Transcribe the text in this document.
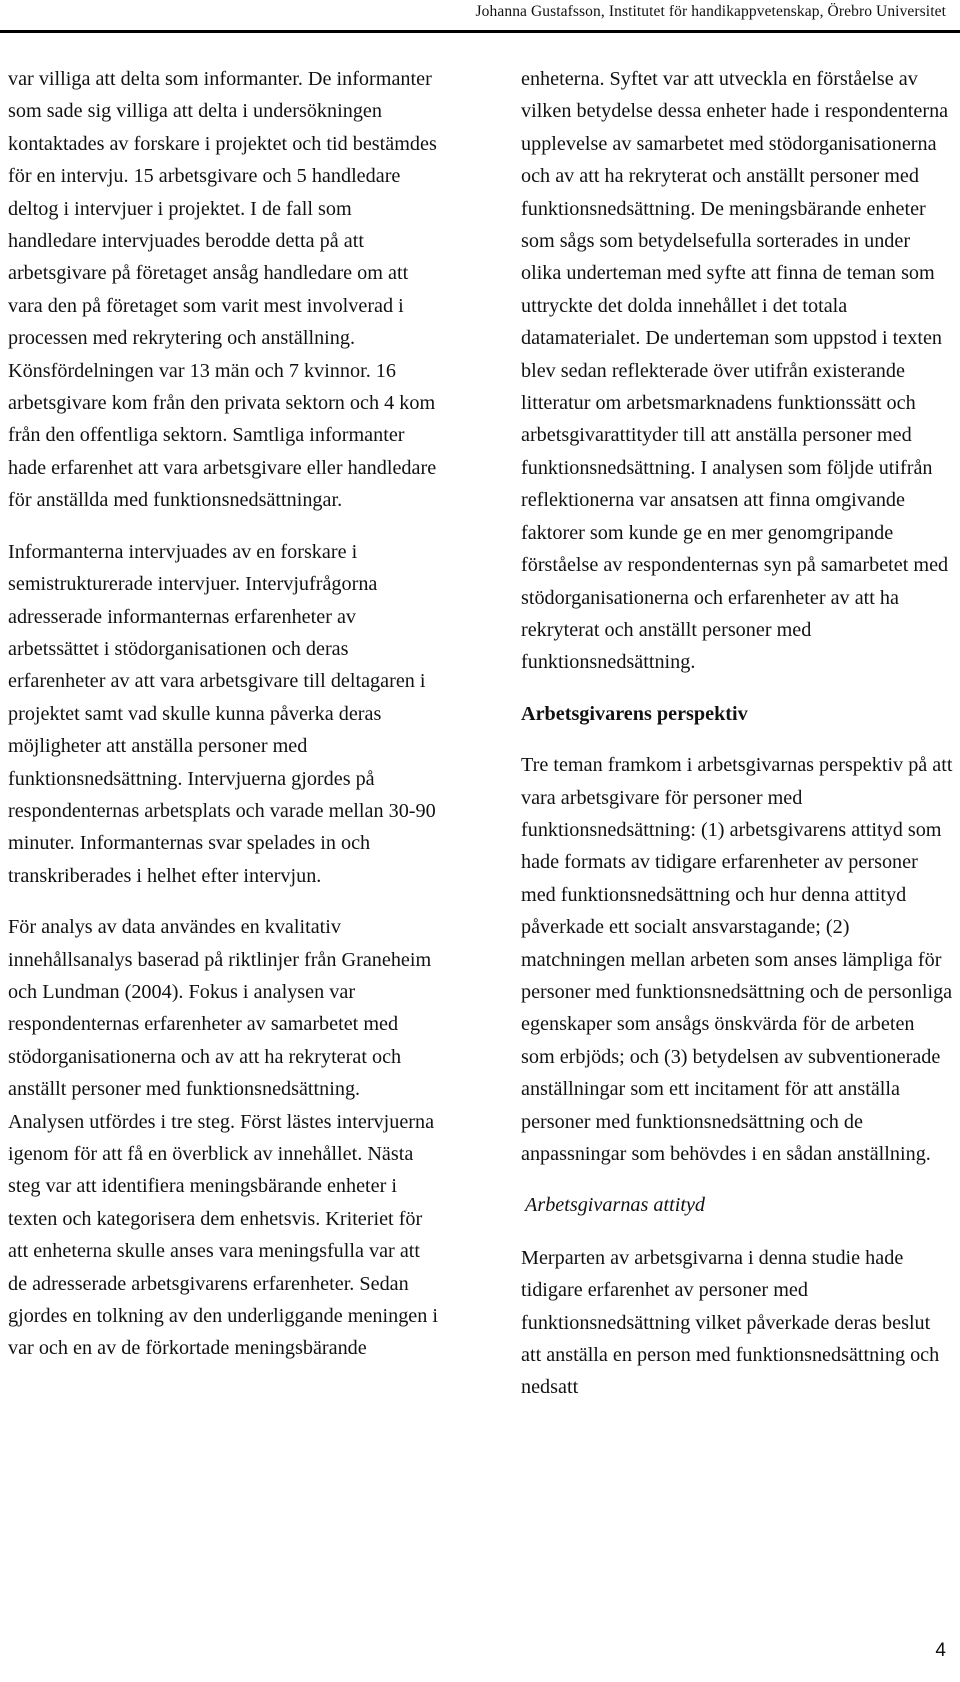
Johanna Gustafsson, Institutet för handikappvetenskap, Örebro Universitet

var villiga att delta som informanter. De informanter som sade sig villiga att delta i undersökningen kontaktades av forskare i projektet och tid bestämdes för en intervju. 15 arbetsgivare och 5 handledare deltog i intervjuer i projektet. I de fall som handledare intervjuades berodde detta på att arbetsgivare på företaget ansåg handledare om att vara den på företaget som varit mest involverad i processen med rekrytering och anställning. Könsfördelningen var 13 män och 7 kvinnor. 16 arbetsgivare kom från den privata sektorn och 4 kom från den offentliga sektorn. Samtliga informanter hade erfarenhet att vara arbetsgivare eller handledare för anställda med funktionsnedsättningar.

Informanterna intervjuades av en forskare i semistrukturerade intervjuer. Intervjufrågorna adresserade informanternas erfarenheter av arbetssättet i stödorganisationen och deras erfarenheter av att vara arbetsgivare till deltagaren i projektet samt vad skulle kunna påverka deras möjligheter att anställa personer med funktionsnedsättning. Intervjuerna gjordes på respondenternas arbetsplats och varade mellan 30-90 minuter. Informanternas svar spelades in och transkriberades i helhet efter intervjun.

För analys av data användes en kvalitativ innehållsanalys baserad på riktlinjer från Graneheim och Lundman (2004). Fokus i analysen var respondenternas erfarenheter av samarbetet med stödorganisationerna och av att ha rekryterat och anställt personer med funktionsnedsättning. Analysen utfördes i tre steg. Först lästes intervjuerna igenom för att få en överblick av innehållet. Nästa steg var att identifiera meningsbärande enheter i texten och kategorisera dem enhetsvis. Kriteriet för att enheterna skulle anses vara meningsfulla var att de adresserade arbetsgivarens erfarenheter. Sedan gjordes en tolkning av den underliggande meningen i var och en av de förkortade meningsbärande

enheterna. Syftet var att utveckla en förståelse av vilken betydelse dessa enheter hade i respondenterna upplevelse av samarbetet med stödorganisationerna och av att ha rekryterat och anställt personer med funktionsnedsättning. De meningsbärande enheter som sågs som betydelsefulla sorterades in under olika underteman med syfte att finna de teman som uttryckte det dolda innehållet i det totala datamaterialet. De underteman som uppstod i texten blev sedan reflekterade över utifrån existerande litteratur om arbetsmarknadens funktionssätt och arbetsgivarattityder till att anställa personer med funktionsnedsättning. I analysen som följde utifrån reflektionerna var ansatsen att finna omgivande faktorer som kunde ge en mer genomgripande förståelse av respondenternas syn på samarbetet med stödorganisationerna och erfarenheter av att ha rekryterat och anställt personer med funktionsnedsättning.

Arbetsgivarens perspektiv

Tre teman framkom i arbetsgivarnas perspektiv på att vara arbetsgivare för personer med funktionsnedsättning: (1) arbetsgivarens attityd som hade formats av tidigare erfarenheter av personer med funktionsnedsättning och hur denna attityd påverkade ett socialt ansvarstagande; (2) matchningen mellan arbeten som anses lämpliga för personer med funktionsnedsättning och de personliga egenskaper som ansågs önskvärda för de arbeten som erbjöds; och (3) betydelsen av subventionerade anställningar som ett incitament för att anställa personer med funktionsnedsättning och de anpassningar som behövdes i en sådan anställning.

Arbetsgivarnas attityd

Merparten av arbetsgivarna i denna studie hade tidigare erfarenhet av personer med funktionsnedsättning vilket påverkade deras beslut att anställa en person med funktionsnedsättning och nedsatt

4
